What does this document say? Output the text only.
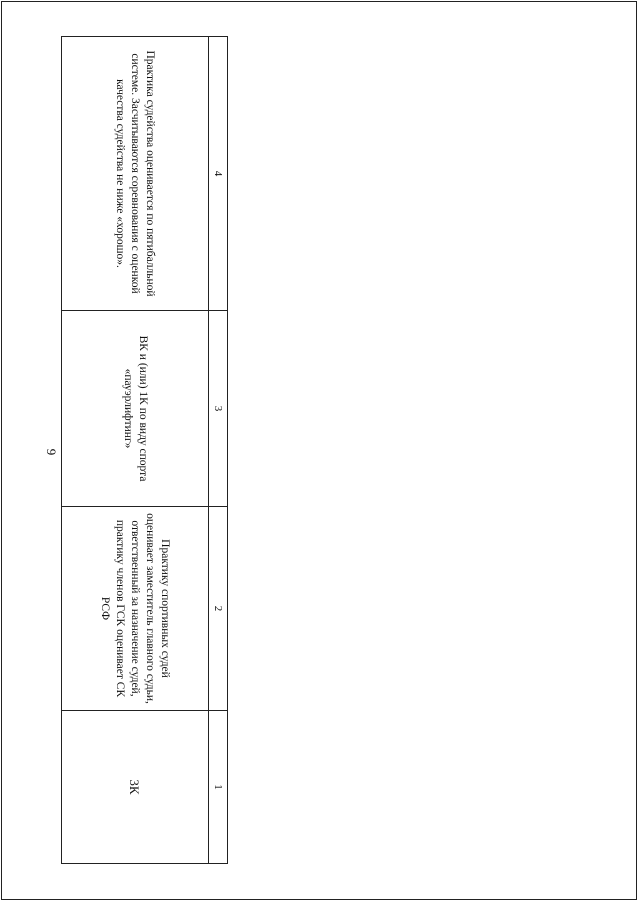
9
4	3	2	1
Практика судейства оценивается по пятибалльной системе. Засчитываются соревнования с оценкой качества судейства не ниже «хорошо».	ВК и (или) 1К по виду спорта «пауэрлифтинг»	Практику спортивных судей оценивает заместитель главного судьи, ответственный за назначение судей, практику членов ГСК оценивает СК РСФ	3К
